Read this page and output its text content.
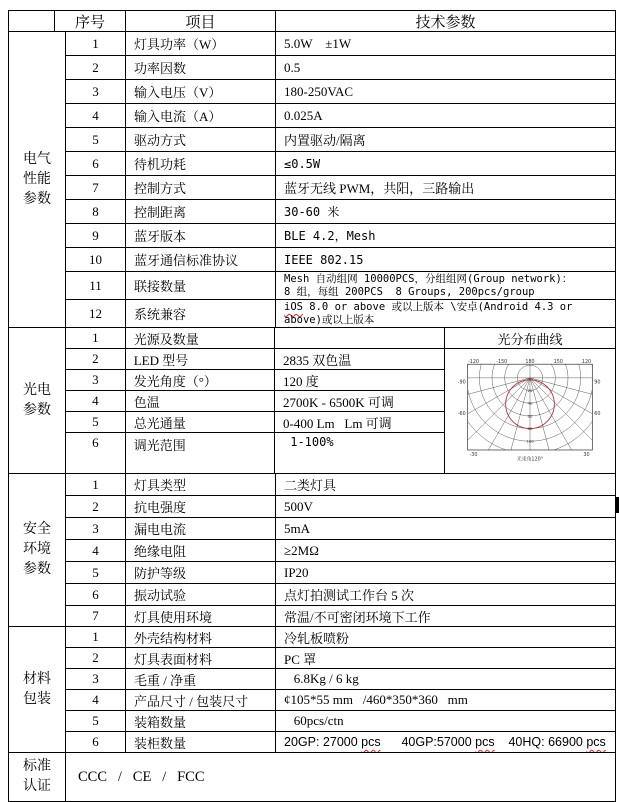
序号	项目	技术参数
电气
性能
参数
1	灯具功率（W）	5.0W    ±1W
2	功率因数	0.5
3	输入电压（V）	180-250VAC
4	输入电流（A）	0.025A
5	驱动方式	内置驱动/隔离
6	待机功耗	≤0.5W
7	控制方式	蓝牙无线 PWM，共阳，三路输出
8	控制距离	30-60 米
9	蓝牙版本	BLE 4.2，Mesh
10	蓝牙通信标准协议	IEEE 802.15
11	联接数量	Mesh 自动组网 10000PCS，分组组网(Group network)：
8 组，每组 200PCS  8 Groups, 200pcs/group
12	系统兼容	iOS 8.0 or above 或以上版本 \安卓(Android 4.3 or above)或以上版本
光电
参数
1	光源及数量
2	LED 型号	2835 双色温
3	发光角度（°）	120 度
4	色温	2700K - 6500K 可调
5	总光通量	0-400 Lm   Lm 可调
6	调光范围	1-100%
光分布曲线
-120	-150	180	150	120
-30	30
-90
-60
90
60
20
40
60
80
100
光束角120°
安全
环境
参数
1	灯具类型	二类灯具
2	抗电强度	500V
3	漏电电流	5mA
4	绝缘电阻	≥2MΩ
5	防护等级	IP20
6	振动试验	点灯拍测试工作台 5 次
7	灯具使用环境	常温/不可密闭环境下工作
材料
包装
1	外壳结构材料	冷轧板喷粉
2	灯具表面材料	PC 罩
3	毛重 / 净重	6.8Kg / 6 kg
4	产品尺寸 / 包装尺寸	¢105*55 mm   /460*350*360   mm
5	装箱数量	60pcs/ctn
6	装柜数量	20GP: 27000 pcs 40GP:57000 pcs 40HQ: 66900 pcs
标准
认证
CCC   /   CE   /   FCC
